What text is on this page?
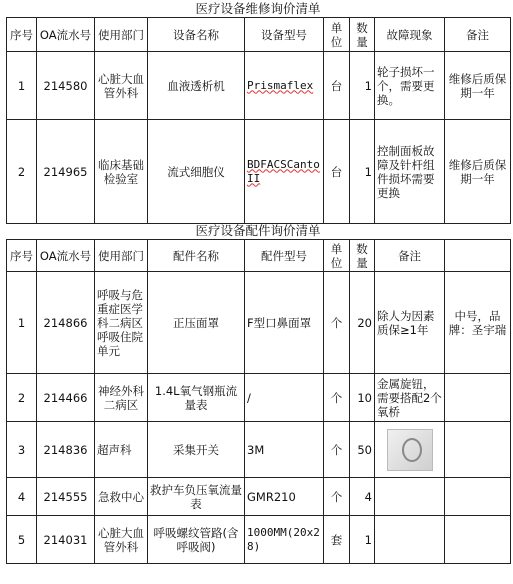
医疗设备维修询价清单
序号	OA流水号	使用部门	设备名称	设备型号	单位	数量	故障现象	备注
1	214580	心脏大血管外科	血液透析机	Prismaflex	台	1	轮子损坏一个，需要更换。	维修后质保期一年
2	214965	临床基础检验室	流式细胞仪	BDFACSCanto II	台	1	控制面板故障及针杆组件损坏需要更换	维修后质保期一年
医疗设备配件询价清单
序号	OA流水号	使用部门	配件名称	配件型号	单位	数量	备注	
1	214866	呼吸与危重症医学科二病区呼吸住院单元	正压面罩	F型口鼻面罩	个	20	除人为因素质保≥1年	中号，品牌：圣宇瑞
2	214466	神经外科二病区	1.4L氧气钢瓶流量表	/	个	10	金属旋钮，需要搭配2个氧桥	
3	214836	超声科	采集开关	3M	个	50	

4	214555	急救中心	救护车负压氧流量表	GMR210	个	4		
5	214031	心脏大血管外科	呼吸螺纹管路(含呼吸阀)	1000MM(20x28)	套	1		
